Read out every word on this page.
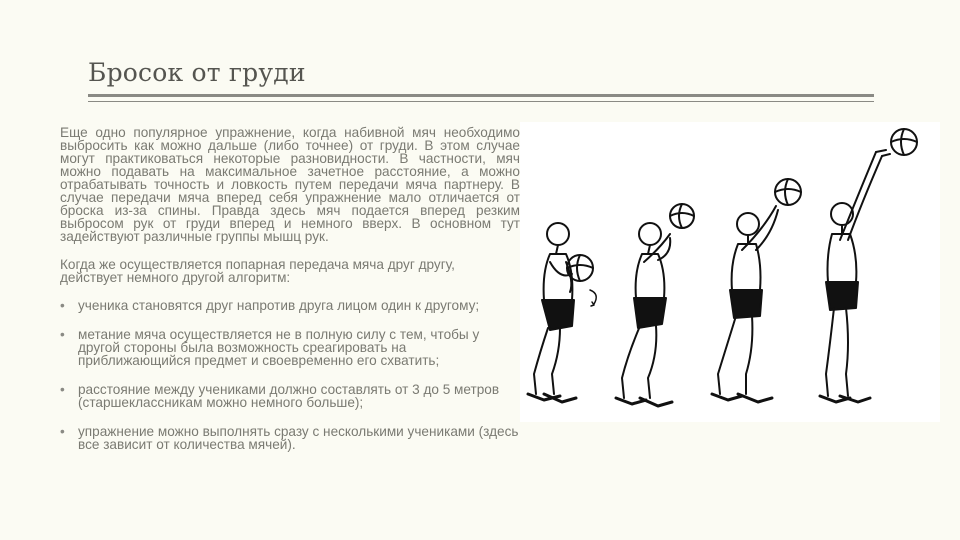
Бросок от груди

Еще одно популярное упражнение, когда набивной мяч необходимо выбросить как можно дальше (либо точнее) от груди. В этом случае могут практиковаться некоторые разновидности. В частности, мяч можно подавать на максимальное зачетное расстояние, а можно отрабатывать точность и ловкость путем передачи мяча партнеру. В случае передачи мяча вперед себя упражнение мало отличается от броска из-за спины. Правда здесь мяч подается вперед резким выбросом рук от груди вперед и немного вверх. В основном тут задействуют различные группы мышц рук.

Когда же осуществляется попарная передача мяча друг другу, действует немного другой алгоритм:

• ученика становятся друг напротив друга лицом один к другому;
• метание мяча осуществляется не в полную силу с тем, чтобы у другой стороны была возможность среагировать на приближающийся предмет и своевременно его схватить;
• расстояние между учениками должно составлять от 3 до 5 метров (старшеклассникам можно немного больше);
• упражнение можно выполнять сразу с несколькими учениками (здесь все зависит от количества мячей).
